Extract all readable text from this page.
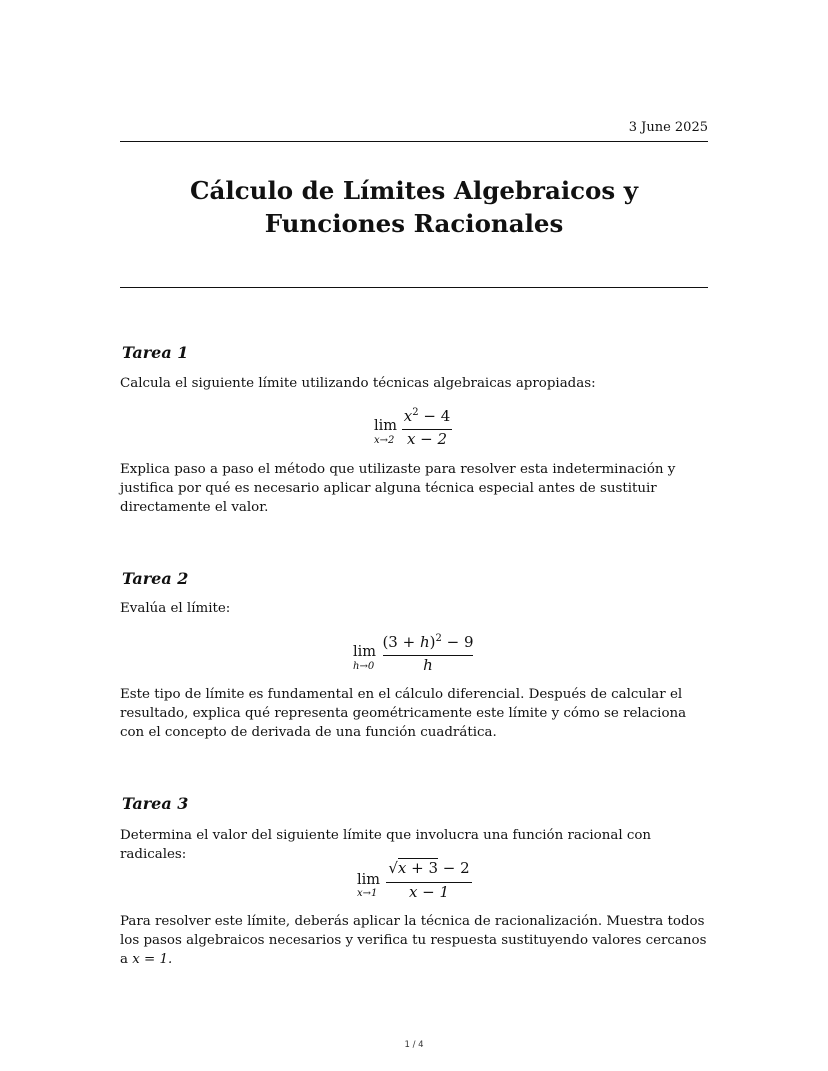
3 June 2025
Cálculo de Límites Algebraicos y Funciones Racionales
Tarea 1
Calcula el siguiente límite utilizando técnicas algebraicas apropiadas:
lim
x→2
$x^2 - 4$
x − 2
Explica paso a paso el método que utilizaste para resolver esta indeterminación y justifica por qué es necesario aplicar alguna técnica especial antes de sustituir directamente el valor.
Tarea 2
Evalúa el límite:
lim
h→0
$(3 + h)^2 - 9$
h
Este tipo de límite es fundamental en el cálculo diferencial. Después de calcular el resultado, explica qué representa geométricamente este límite y cómo se relaciona con el concepto de derivada de una función cuadrática.
Tarea 3
Determina el valor del siguiente límite que involucra una función racional con radicales:
lim
x→1
√x + 3 − 2
x − 1
Para resolver este límite, deberás aplicar la técnica de racionalización. Muestra todos los pasos algebraicos necesarios y verifica tu respuesta sustituyendo valores cercanos a x = 1.
1 / 4
